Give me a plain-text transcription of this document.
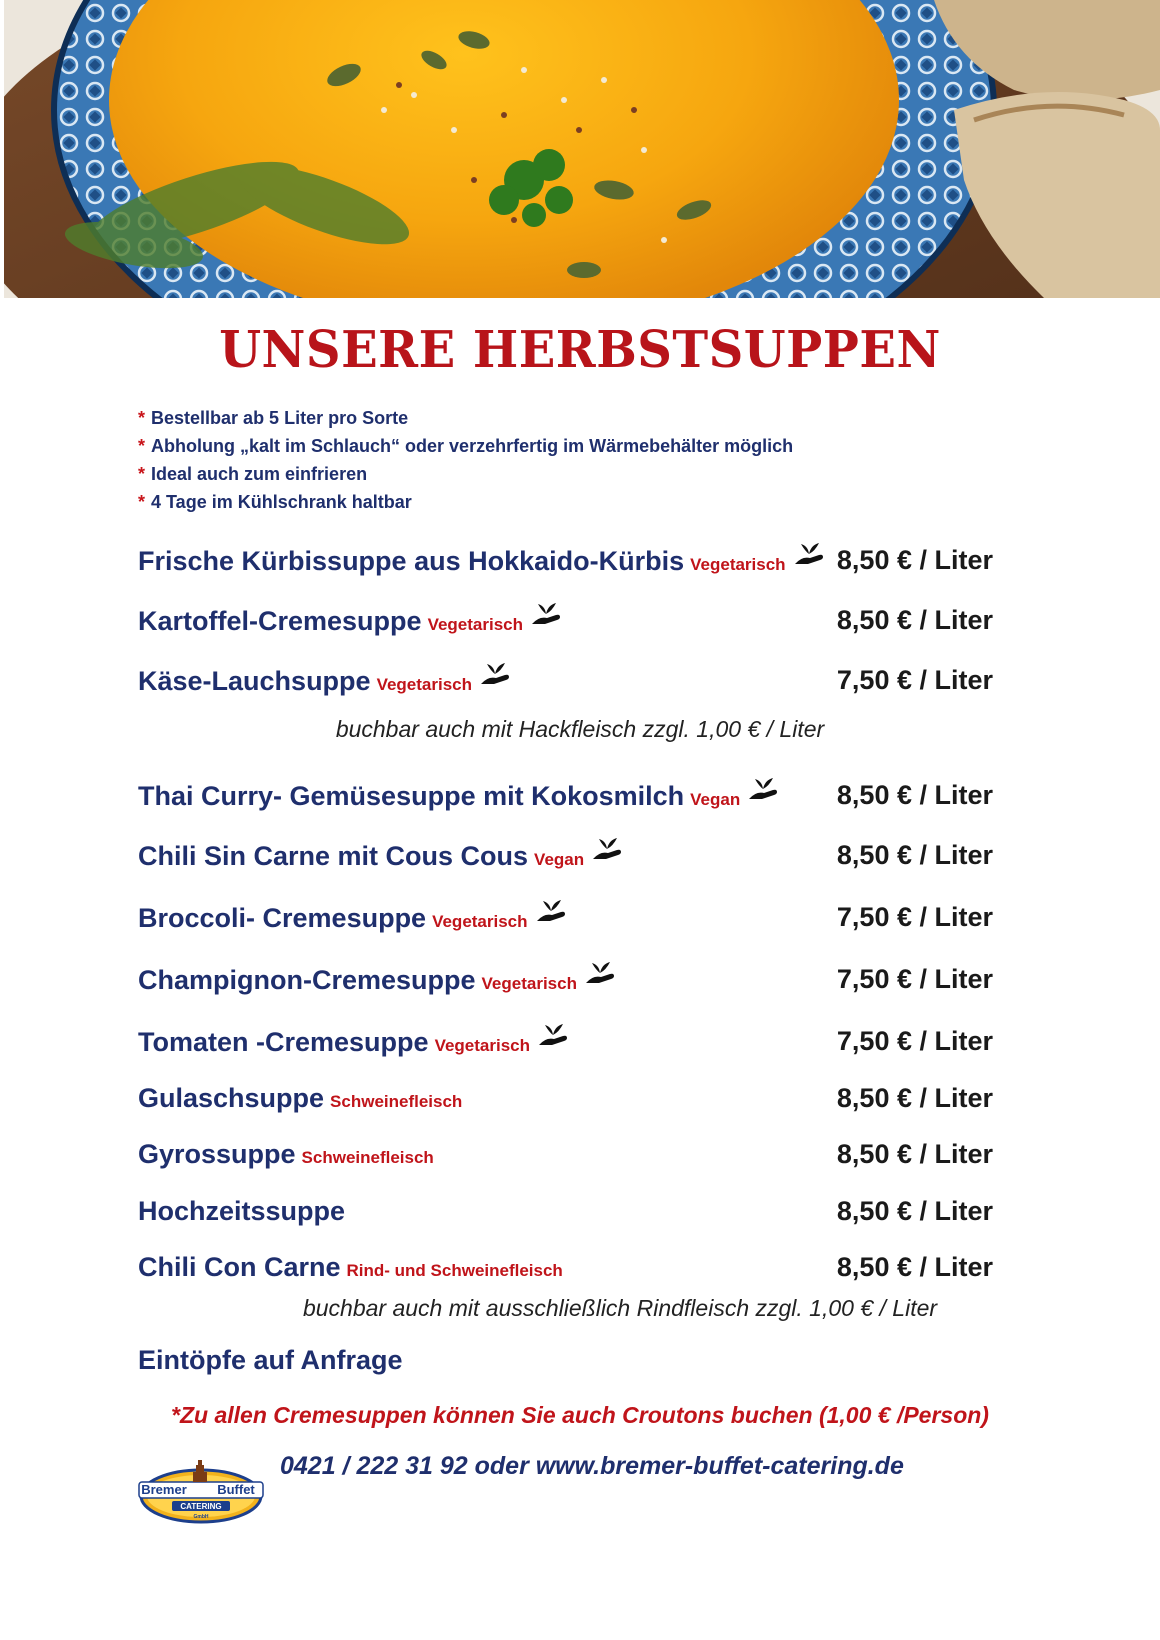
UNSERE HERBSTSUPPEN
* Bestellbar ab 5 Liter pro Sorte
* Abholung „kalt im Schlauch“ oder verzehrfertig im Wärmebehälter möglich
* Ideal auch zum einfrieren
* 4 Tage im Kühlschrank haltbar
Frische Kürbissuppe aus Hokkaido-Kürbis Vegetarisch	8,50 € / Liter
Kartoffel-Cremesuppe Vegetarisch	8,50 € / Liter
Käse-Lauchsuppe Vegetarisch	7,50 € / Liter
buchbar auch mit Hackfleisch zzgl. 1,00 € / Liter
Thai Curry- Gemüsesuppe mit Kokosmilch Vegan	8,50 € / Liter
Chili Sin Carne mit Cous Cous Vegan	8,50 € / Liter
Broccoli- Cremesuppe Vegetarisch	7,50 € / Liter
Champignon-Cremesuppe Vegetarisch	7,50 € / Liter
Tomaten -Cremesuppe Vegetarisch	7,50 € / Liter
Gulaschsuppe Schweinefleisch	8,50 € / Liter
Gyrossuppe Schweinefleisch	8,50 € / Liter
Hochzeitssuppe	8,50 € / Liter
Chili Con Carne Rind- und Schweinefleisch	8,50 € / Liter
buchbar auch mit ausschließlich Rindfleisch zzgl. 1,00 € / Liter
Eintöpfe auf Anfrage
*Zu allen Cremesuppen können Sie auch Croutons buchen (1,00 € /Person)
Bremer Buffet
CATERING
GmbH
0421 / 222 31 92 oder www.bremer-buffet-catering.de
